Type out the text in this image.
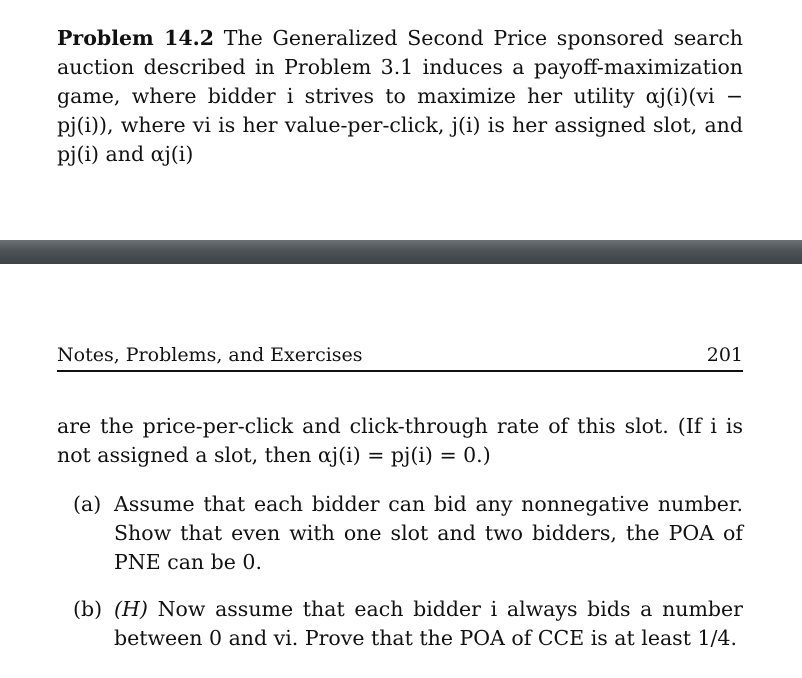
Problem 14.2 The Generalized Second Price sponsored search auction described in Problem 3.1 induces a payoff-maximization game, where bidder i strives to maximize her utility αj(i)(vi − pj(i)), where vi is her value-per-click, j(i) is her assigned slot, and pj(i) and αj(i)

Notes, Problems, and Exercises	201

are the price-per-click and click-through rate of this slot. (If i is not assigned a slot, then αj(i) = pj(i) = 0.)

(a) Assume that each bidder can bid any nonnegative number. Show that even with one slot and two bidders, the POA of PNE can be 0.
(b) (H) Now assume that each bidder i always bids a number between 0 and vi. Prove that the POA of CCE is at least 1/4.
